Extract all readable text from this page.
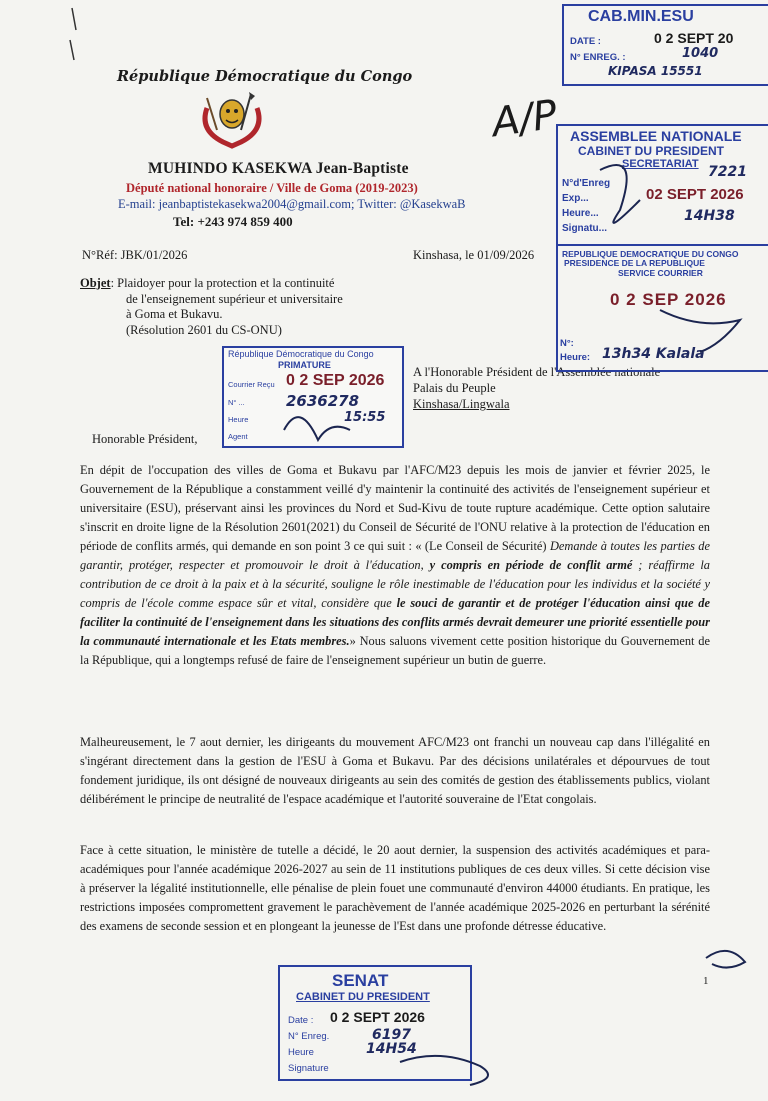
République Démocratique du Congo
MUHINDO KASEKWA Jean-Baptiste
Député national honoraire / Ville de Goma (2019-2023)
E-mail: jeanbaptistekasekwa2004@gmail.com; Twitter: @KasekwaB
Tel: +243 974 859 400
N°Réf: JBK/01/2026	Kinshasa, le 01/09/2026
Objet: Plaidoyer pour la protection et la continuité
de l'enseignement supérieur et universitaire
à Goma et Bukavu.
(Résolution 2601 du CS-ONU)
A l'Honorable Président de l'Assemblée nationale
Palais du Peuple
Kinshasa/Lingwala
Honorable Président,
En dépit de l'occupation des villes de Goma et Bukavu par l'AFC/M23 depuis les mois de janvier et février 2025, le Gouvernement de la République a constamment veillé d'y maintenir la continuité des activités de l'enseignement supérieur et universitaire (ESU), préservant ainsi les provinces du Nord et Sud-Kivu de toute rupture académique. Cette option salutaire s'inscrit en droite ligne de la Résolution 2601(2021) du Conseil de Sécurité de l'ONU relative à la protection de l'éducation en période de conflits armés, qui demande en son point 3 ce qui suit : « (Le Conseil de Sécurité) Demande à toutes les parties de garantir, protéger, respecter et promouvoir le droit à l'éducation, y compris en période de conflit armé ; réaffirme la contribution de ce droit à la paix et à la sécurité, souligne le rôle inestimable de l'éducation pour les individus et la société y compris de l'école comme espace sûr et vital, considère que le souci de garantir et de protéger l'éducation ainsi que de faciliter la continuité de l'enseignement dans les situations des conflits armés devrait demeurer une priorité essentielle pour la communauté internationale et les Etats membres.» Nous saluons vivement cette position historique du Gouvernement de la République, qui a longtemps refusé de faire de l'enseignement supérieur un butin de guerre.
Malheureusement, le 7 aout dernier, les dirigeants du mouvement AFC/M23 ont franchi un nouveau cap dans l'illégalité en s'ingérant directement dans la gestion de l'ESU à Goma et Bukavu. Par des décisions unilatérales et dépourvues de tout fondement juridique, ils ont désigné de nouveaux dirigeants au sein des comités de gestion des établissements publics, violant délibérément le principe de neutralité de l'espace académique et l'autorité souveraine de l'Etat congolais.
Face à cette situation, le ministère de tutelle a décidé, le 20 aout dernier, la suspension des activités académiques et para-académiques pour l'année académique 2026-2027 au sein de 11 institutions publiques de ces deux villes. Si cette décision vise à préserver la légalité institutionnelle, elle pénalise de plein fouet une communauté d'environ 44000 étudiants. En pratique, les restrictions imposées compromettent gravement le parachèvement de l'année académique 2025-2026 en perturbant la sérénité des examens de seconde session et en plongeant la jeunesse de l'Est dans une profonde détresse éducative.
1
CAB.MIN.ESU
DATE :	0 2 SEPT 20
N° ENREG. :	1040
KIPASA 15551
ASSEMBLEE NATIONALE
CABINET DU PRESIDENT
SECRETARIAT
N°d'Enreg
Exp...
Heure...
Signatu...
7221
02 SEPT 2026
14H38
REPUBLIQUE DEMOCRATIQUE DU CONGO
PRESIDENCE DE LA REPUBLIQUE
SERVICE COURRIER
0 2 SEP 2026
N°:
Heure: 13h34 Kalala
République Démocratique du Congo
PRIMATURE
0 2 SEP 2026
Courrier Reçu
N° ...
Heure
Agent
2636278
15:55
SENAT
CABINET DU PRESIDENT
Date :
N° Enreg.
Heure
Signature
0 2 SEPT 2026
6197
14H54
A/P
